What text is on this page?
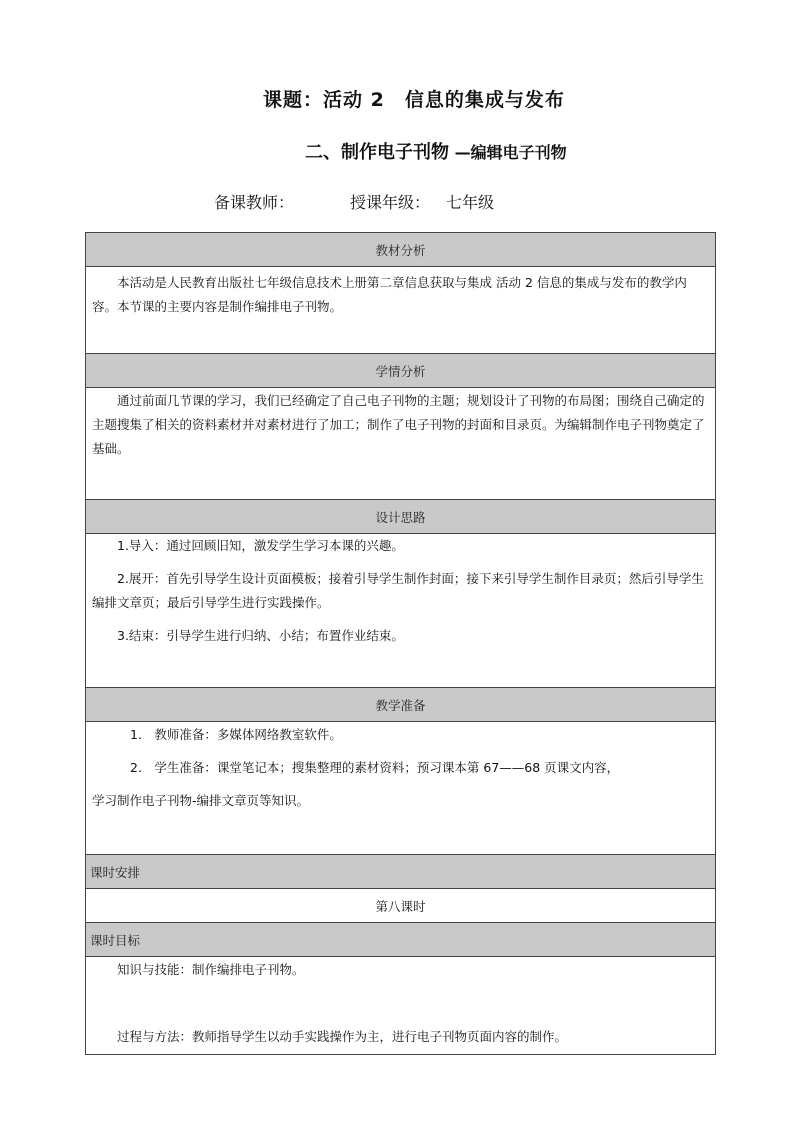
课题：活动 2　信息的集成与发布
二、制作电子刊物 —编辑电子刊物
备课教师：	授课年级： 七年级
教材分析

本活动是人民教育出版社七年级信息技术上册第二章信息获取与集成 活动 2 信息的集成与发布的教学内容。本节课的主要内容是制作编排电子刊物。

学情分析

通过前面几节课的学习，我们已经确定了自己电子刊物的主题；规划设计了刊物的布局图；围绕自己确定的主题搜集了相关的资料素材并对素材进行了加工；制作了电子刊物的封面和目录页。为编辑制作电子刊物奠定了基础。

设计思路

1.导入：通过回顾旧知，激发学生学习本课的兴趣。

2.展开：首先引导学生设计页面模板；接着引导学生制作封面；接下来引导学生制作目录页；然后引导学生编排文章页；最后引导学生进行实践操作。

3.结束：引导学生进行归纳、小结；布置作业结束。

教学准备

1.　教师准备：多媒体网络教室软件。

2.　学生准备：课堂笔记本；搜集整理的素材资料；预习课本第 67——68 页课文内容，

学习制作电子刊物-编排文章页等知识。

课时安排
第八课时
课时目标

知识与技能：制作编排电子刊物。

过程与方法：教师指导学生以动手实践操作为主，进行电子刊物页面内容的制作。
